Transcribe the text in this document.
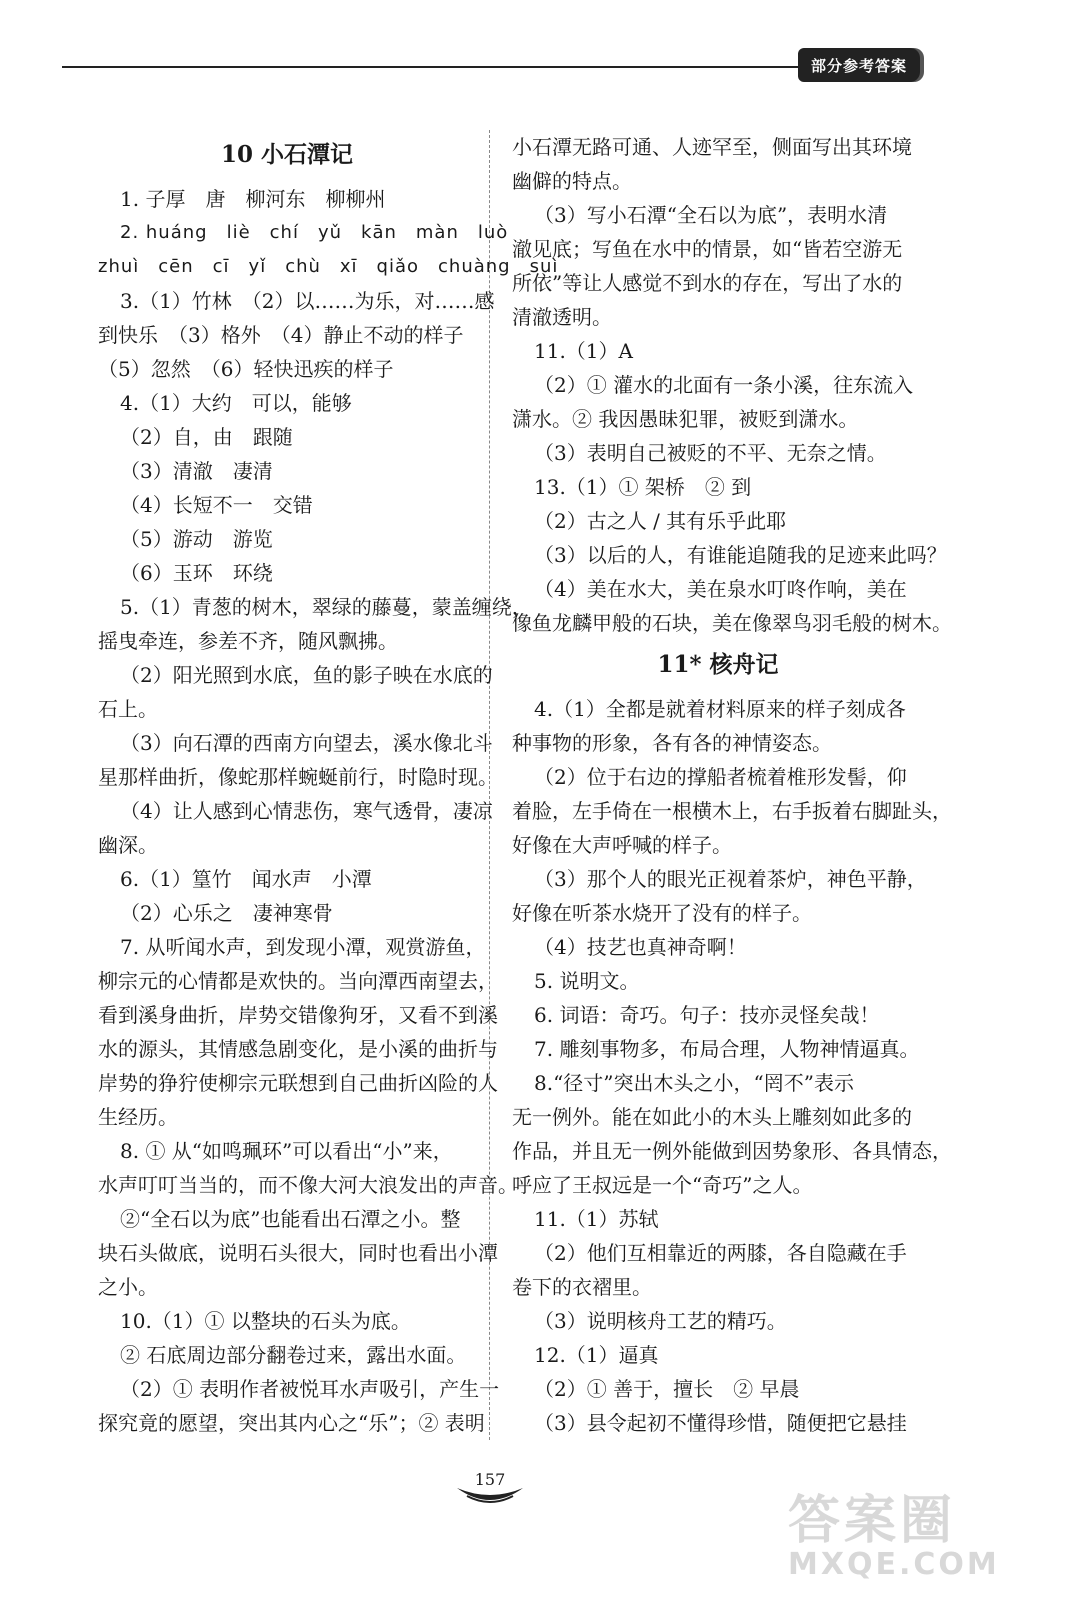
部分参考答案
10 小石潭记
1. 子厚　唐　柳河东　柳柳州
2. huáng　liè　chí　yǔ　kān　màn　luò
zhuì　cēn　cī　yǐ　chù　xī　qiǎo　chuàng　suì
3.（1）竹林　（2）以……为乐，对……感
到快乐　（3）格外　（4）静止不动的样子
（5）忽然　（6）轻快迅疾的样子
4.（1）大约　可以，能够
（2）自，由　跟随
（3）清澈　凄清
（4）长短不一　交错
（5）游动　游览
（6）玉环　环绕
5.（1）青葱的树木，翠绿的藤蔓，蒙盖缠绕，
摇曳牵连，参差不齐，随风飘拂。
（2）阳光照到水底，鱼的影子映在水底的
石上。
（3）向石潭的西南方向望去，溪水像北斗
星那样曲折，像蛇那样蜿蜒前行，时隐时现。
（4）让人感到心情悲伤，寒气透骨，凄凉
幽深。
6.（1）篁竹　闻水声　小潭
（2）心乐之　凄神寒骨
7. 从听闻水声，到发现小潭，观赏游鱼，
柳宗元的心情都是欢快的。当向潭西南望去，
看到溪身曲折，岸势交错像狗牙，又看不到溪
水的源头，其情感急剧变化，是小溪的曲折与
岸势的狰狞使柳宗元联想到自己曲折凶险的人
生经历。
8. ① 从“如鸣珮环”可以看出“小”来，
水声叮叮当当的，而不像大河大浪发出的声音。
②“全石以为底”也能看出石潭之小。整
块石头做底，说明石头很大，同时也看出小潭
之小。
10.（1）① 以整块的石头为底。
② 石底周边部分翻卷过来，露出水面。
（2）① 表明作者被悦耳水声吸引，产生一
探究竟的愿望，突出其内心之“乐”；② 表明
小石潭无路可通、人迹罕至，侧面写出其环境
幽僻的特点。
（3）写小石潭“全石以为底”，表明水清
澈见底；写鱼在水中的情景，如“皆若空游无
所依”等让人感觉不到水的存在，写出了水的
清澈透明。
11.（1）A
（2）① 灌水的北面有一条小溪，往东流入
潇水。② 我因愚昧犯罪，被贬到潇水。
（3）表明自己被贬的不平、无奈之情。
13.（1）① 架桥　② 到
（2）古之人 / 其有乐乎此耶
（3）以后的人，有谁能追随我的足迹来此吗？
（4）美在水大，美在泉水叮咚作响，美在
像鱼龙麟甲般的石块，美在像翠鸟羽毛般的树木。
11* 核舟记
4.（1）全都是就着材料原来的样子刻成各
种事物的形象，各有各的神情姿态。
（2）位于右边的撑船者梳着椎形发髻，仰
着脸，左手倚在一根横木上，右手扳着右脚趾头，
好像在大声呼喊的样子。
（3）那个人的眼光正视着茶炉，神色平静，
好像在听茶水烧开了没有的样子。
（4）技艺也真神奇啊！
5. 说明文。
6. 词语：奇巧。句子：技亦灵怪矣哉！
7. 雕刻事物多，布局合理，人物神情逼真。
8.“径寸”突出木头之小，“罔不”表示
无一例外。能在如此小的木头上雕刻如此多的
作品，并且无一例外能做到因势象形、各具情态，
呼应了王叔远是一个“奇巧”之人。
11.（1）苏轼
（2）他们互相靠近的两膝，各自隐藏在手
卷下的衣褶里。
（3）说明核舟工艺的精巧。
12.（1）逼真
（2）① 善于，擅长　② 早晨
（3）县令起初不懂得珍惜，随便把它悬挂
157
答案圈
MXQE.COM
